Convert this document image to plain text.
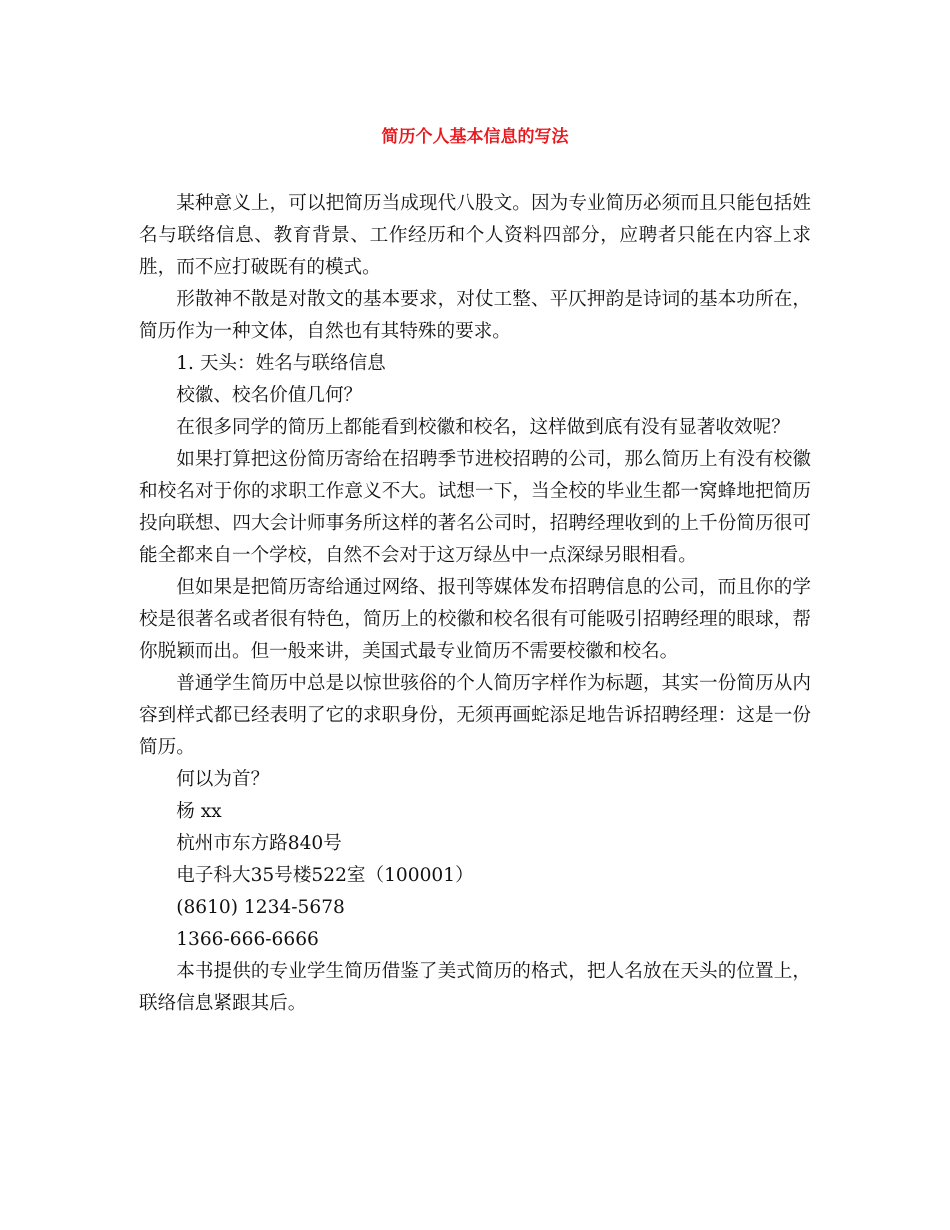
简历个人基本信息的写法

某种意义上，可以把简历当成现代八股文。因为专业简历必须而且只能包括姓名与联络信息、教育背景、工作经历和个人资料四部分，应聘者只能在内容上求胜，而不应打破既有的模式。

形散神不散是对散文的基本要求，对仗工整、平仄押韵是诗词的基本功所在，简历作为一种文体，自然也有其特殊的要求。

1. 天头：姓名与联络信息

校徽、校名价值几何？

在很多同学的简历上都能看到校徽和校名，这样做到底有没有显著收效呢？

如果打算把这份简历寄给在招聘季节进校招聘的公司，那么简历上有没有校徽和校名对于你的求职工作意义不大。试想一下，当全校的毕业生都一窝蜂地把简历投向联想、四大会计师事务所这样的著名公司时，招聘经理收到的上千份简历很可能全都来自一个学校，自然不会对于这万绿丛中一点深绿另眼相看。

但如果是把简历寄给通过网络、报刊等媒体发布招聘信息的公司，而且你的学校是很著名或者很有特色，简历上的校徽和校名很有可能吸引招聘经理的眼球，帮你脱颖而出。但一般来讲，美国式最专业简历不需要校徽和校名。

普通学生简历中总是以惊世骇俗的个人简历字样作为标题，其实一份简历从内容到样式都已经表明了它的求职身份，无须再画蛇添足地告诉招聘经理：这是一份简历。

何以为首？

杨 xx

杭州市东方路840号

电子科大35号楼522室（100001）

(8610) 1234-5678

1366-666-6666

本书提供的专业学生简历借鉴了美式简历的格式，把人名放在天头的位置上，联络信息紧跟其后。
